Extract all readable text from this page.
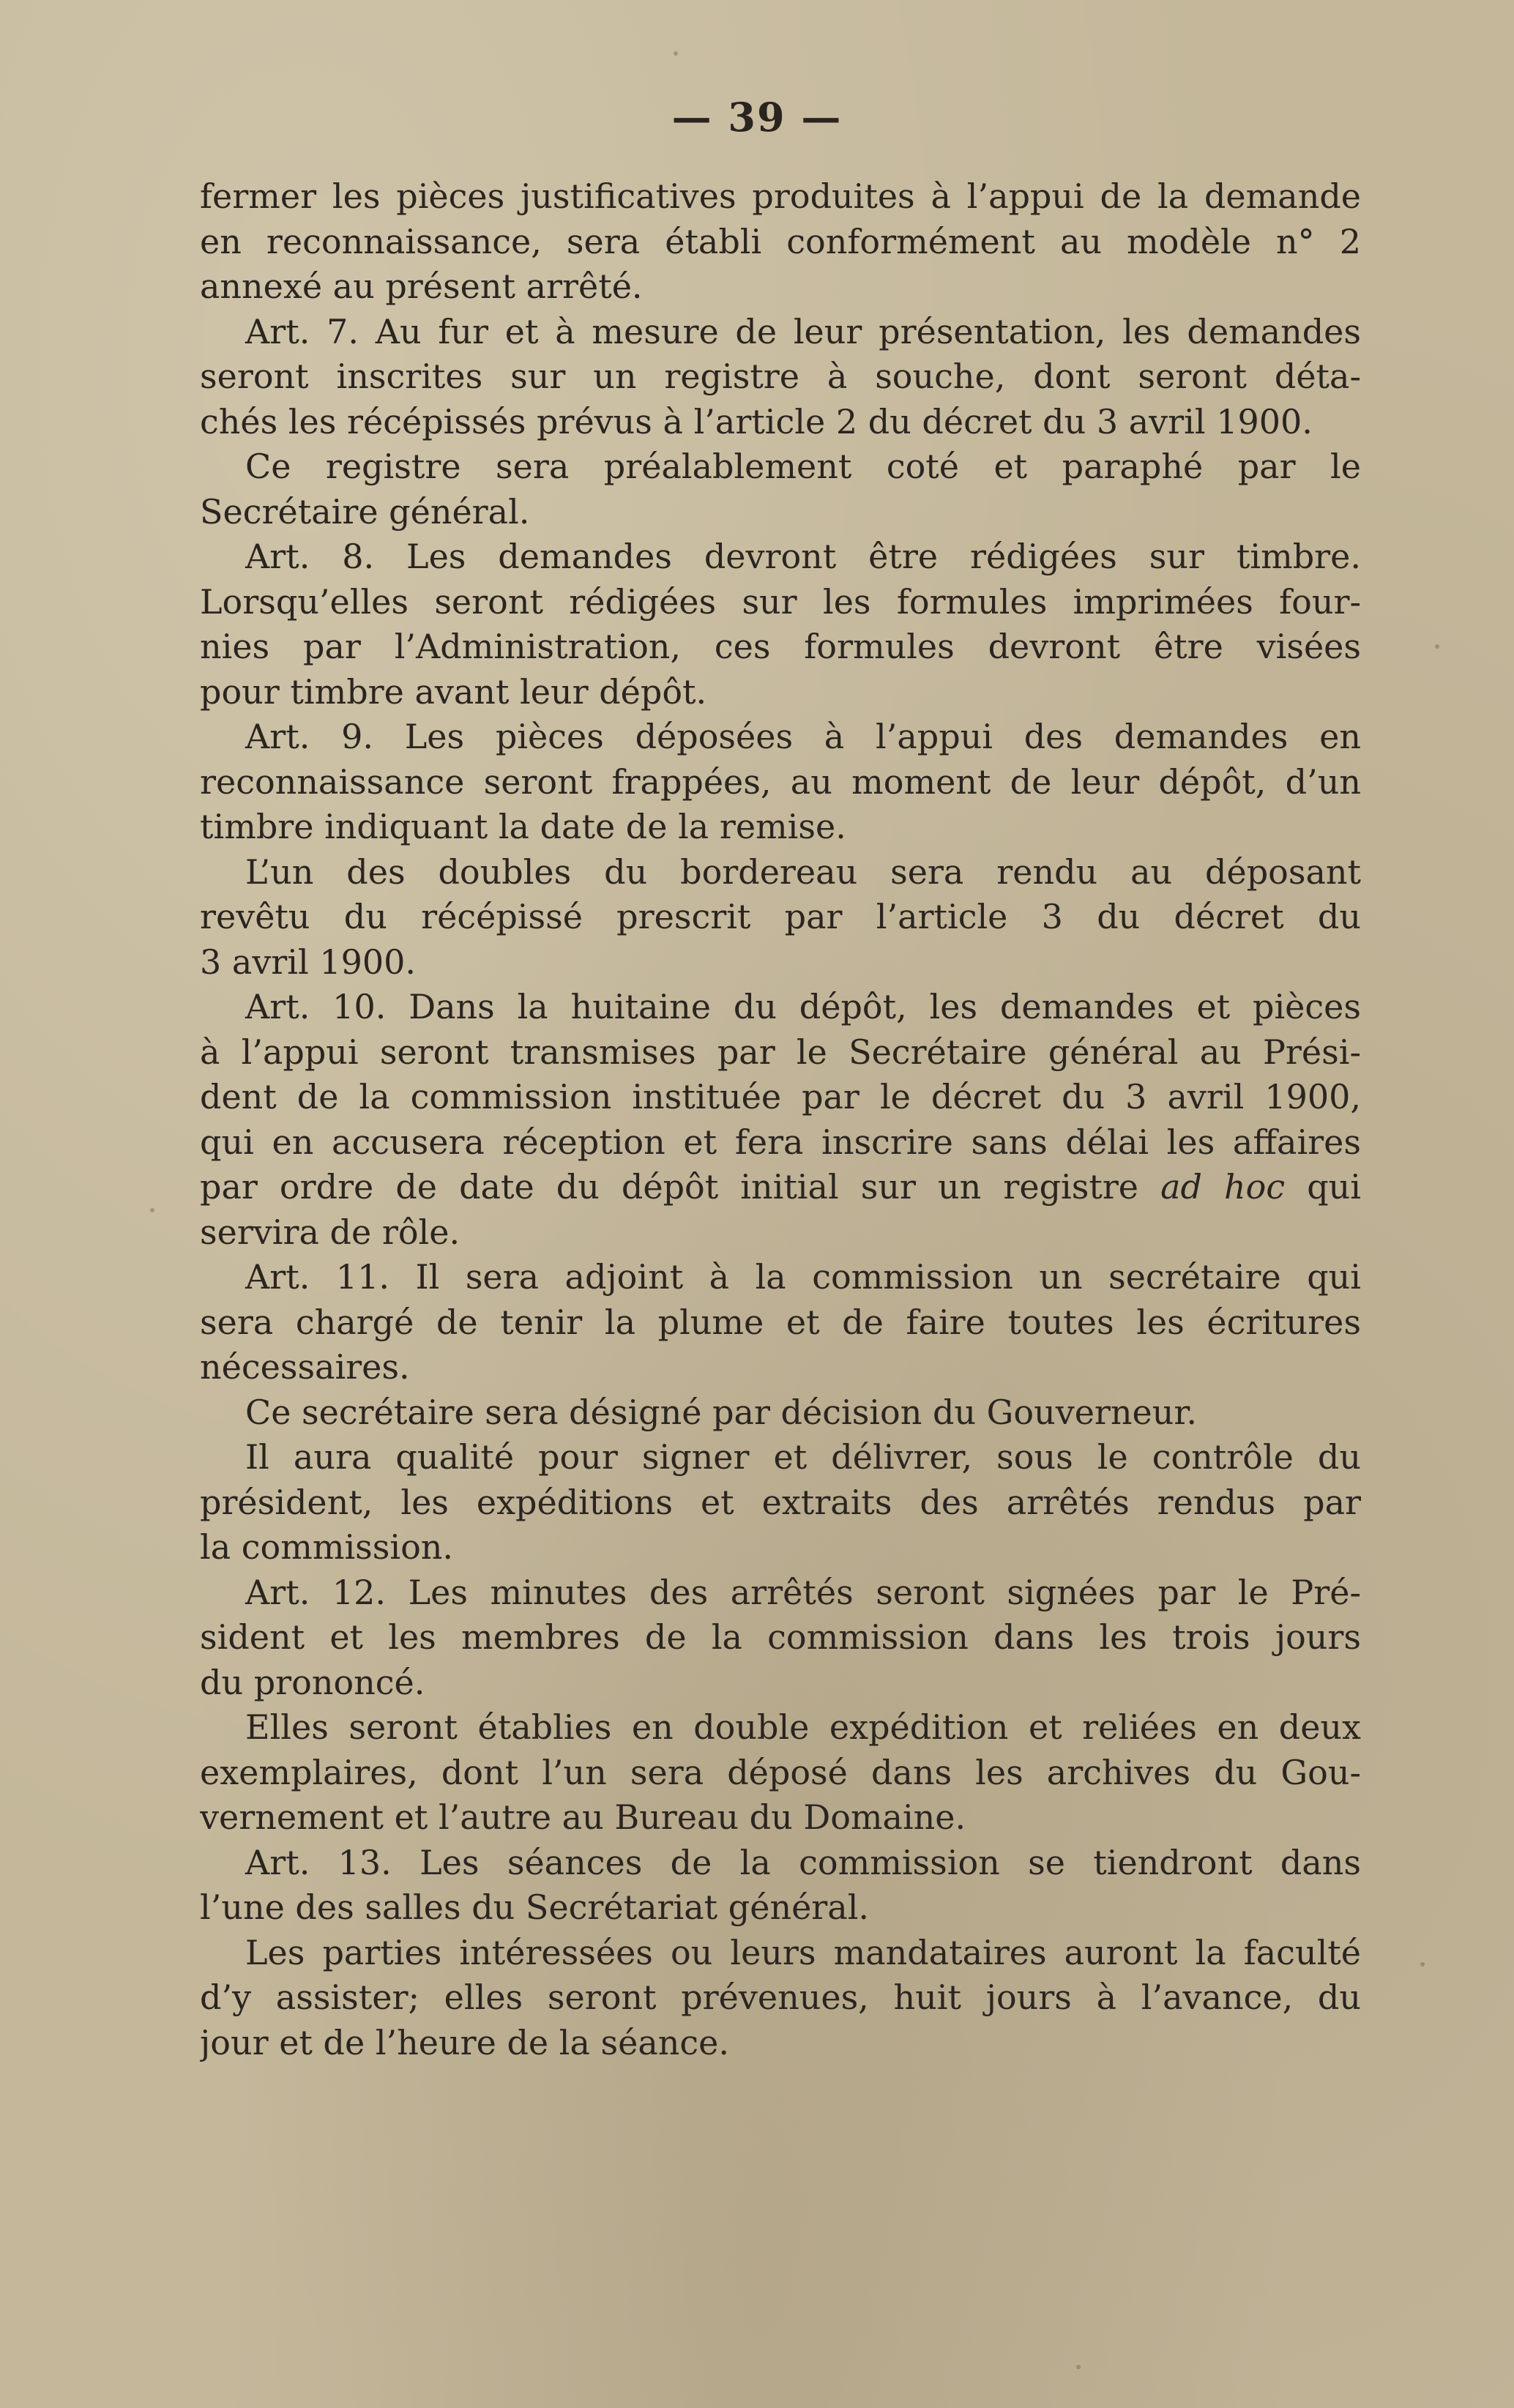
— 39 —
fermer les pièces justificatives produites à l’appui de la demande
en reconnaissance, sera établi conformément au modèle n° 2
annexé au présent arrêté.
Art. 7. Au fur et à mesure de leur présentation, les demandes
seront inscrites sur un registre à souche, dont seront déta-
chés les récépissés prévus à l’article 2 du décret du 3 avril 1900.
Ce registre sera préalablement coté et paraphé par le
Secrétaire général.
Art. 8. Les demandes devront être rédigées sur timbre.
Lorsqu’elles seront rédigées sur les formules imprimées four-
nies par l’Administration, ces formules devront être visées
pour timbre avant leur dépôt.
Art. 9. Les pièces déposées à l’appui des demandes en
reconnaissance seront frappées, au moment de leur dépôt, d’un
timbre indiquant la date de la remise.
L’un des doubles du bordereau sera rendu au déposant
revêtu du récépissé prescrit par l’article 3 du décret du
3 avril 1900.
Art. 10. Dans la huitaine du dépôt, les demandes et pièces
à l’appui seront transmises par le Secrétaire général au Prési-
dent de la commission instituée par le décret du 3 avril 1900,
qui en accusera réception et fera inscrire sans délai les affaires
par ordre de date du dépôt initial sur un registre ad hoc qui
servira de rôle.
Art. 11. Il sera adjoint à la commission un secrétaire qui
sera chargé de tenir la plume et de faire toutes les écritures
nécessaires.
Ce secrétaire sera désigné par décision du Gouverneur.
Il aura qualité pour signer et délivrer, sous le contrôle du
président, les expéditions et extraits des arrêtés rendus par
la commission.
Art. 12. Les minutes des arrêtés seront signées par le Pré-
sident et les membres de la commission dans les trois jours
du prononcé.
Elles seront établies en double expédition et reliées en deux
exemplaires, dont l’un sera déposé dans les archives du Gou-
vernement et l’autre au Bureau du Domaine.
Art. 13. Les séances de la commission se tiendront dans
l’une des salles du Secrétariat général.
Les parties intéressées ou leurs mandataires auront la faculté
d’y assister; elles seront prévenues, huit jours à l’avance, du
jour et de l’heure de la séance.
